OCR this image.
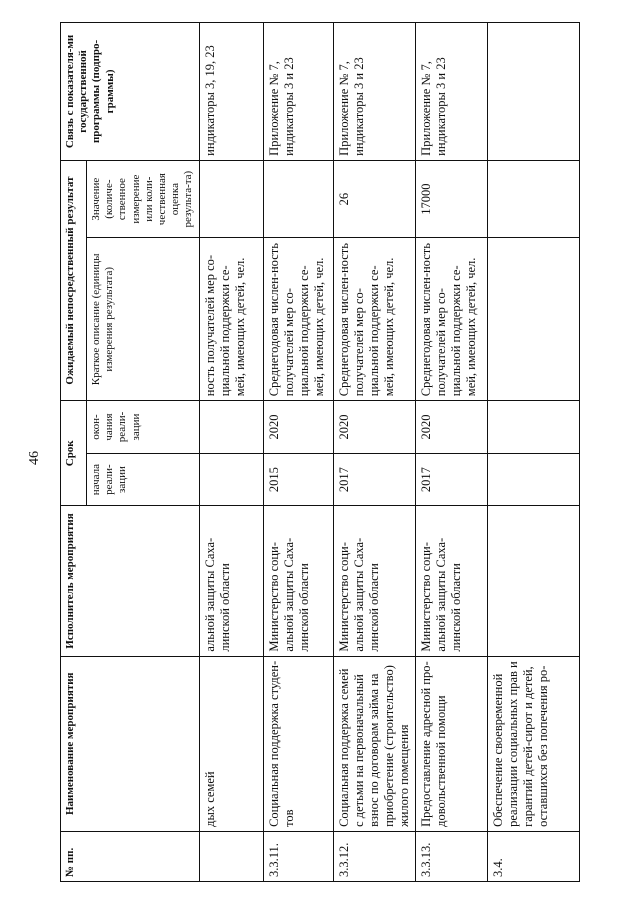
46
№ пп.	Наименование мероприятия	Исполнитель мероприятия	Срок		Ожидаемый непосредственный результат		Связь с показателя-ми государственной программы (подпро-граммы)
			начала реали-зации	окон-чания реали-зации	Краткое описание (единицы измерения результата)	Значение (количе-ственное измерение или коли-чественная оценка результа-та)	
	дых семей	альной защиты Саха-линской области			ность получателей мер со-циальной поддержки се-мей, имеющих детей, чел.		индикаторы 3, 19, 23
3.3.11.	Социальная поддержка студен-тов	Министерство соци-альной защиты Саха-линской области	2015	2020	Среднегодовая числен-ность получателей мер со-циальной поддержки се-мей, имеющих детей, чел.		Приложение № 7, индикаторы 3 и 23
3.3.12.	Социальная поддержка семей с детьми на первоначальный взнос по договорам займа на приобретение (строительство) жилого помещения	Министерство соци-альной защиты Саха-линской области	2017	2020	Среднегодовая числен-ность получателей мер со-циальной поддержки се-мей, имеющих детей, чел.	26	Приложение № 7, индикаторы 3 и 23
3.3.13.	Предоставление адресной про-довольственной помощи	Министерство соци-альной защиты Саха-линской области	2017	2020	Среднегодовая числен-ность получателей мер со-циальной поддержки се-мей, имеющих детей, чел.	17000	Приложение № 7, индикаторы 3 и 23
3.4.	Обеспечение своевременной реализации социальных прав и гарантий детей-сирот и детей, оставшихся без попечения ро-						
